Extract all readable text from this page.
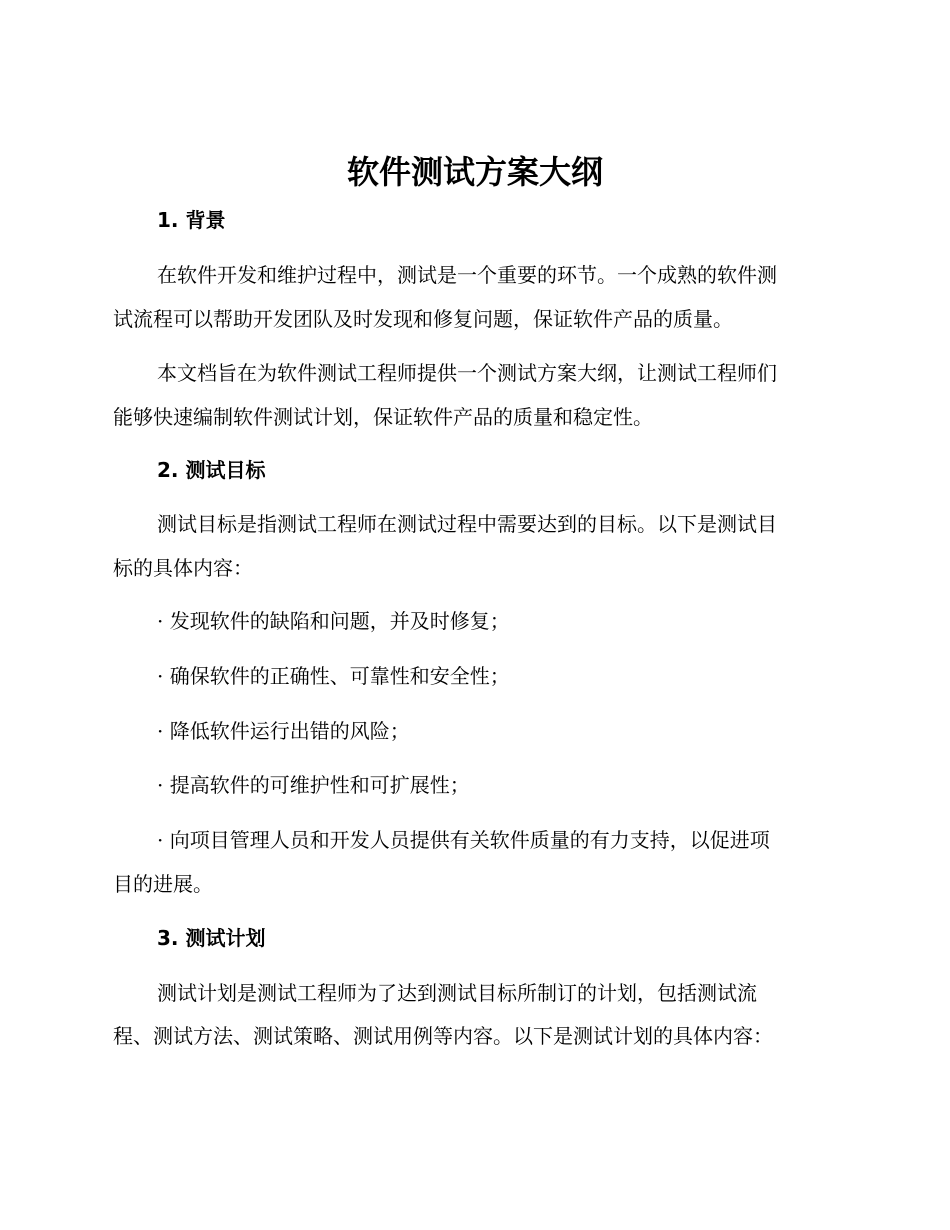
软件测试方案大纲
1. 背景

在软件开发和维护过程中，测试是一个重要的环节。一个成熟的软件测

试流程可以帮助开发团队及时发现和修复问题，保证软件产品的质量。

本文档旨在为软件测试工程师提供一个测试方案大纲，让测试工程师们

能够快速编制软件测试计划，保证软件产品的质量和稳定性。

2. 测试目标

测试目标是指测试工程师在测试过程中需要达到的目标。以下是测试目

标的具体内容：

· 发现软件的缺陷和问题，并及时修复；

· 确保软件的正确性、可靠性和安全性；

· 降低软件运行出错的风险；

· 提高软件的可维护性和可扩展性；

· 向项目管理人员和开发人员提供有关软件质量的有力支持，以促进项

目的进展。

3. 测试计划

测试计划是测试工程师为了达到测试目标所制订的计划，包括测试流

程、测试方法、测试策略、测试用例等内容。以下是测试计划的具体内容：
